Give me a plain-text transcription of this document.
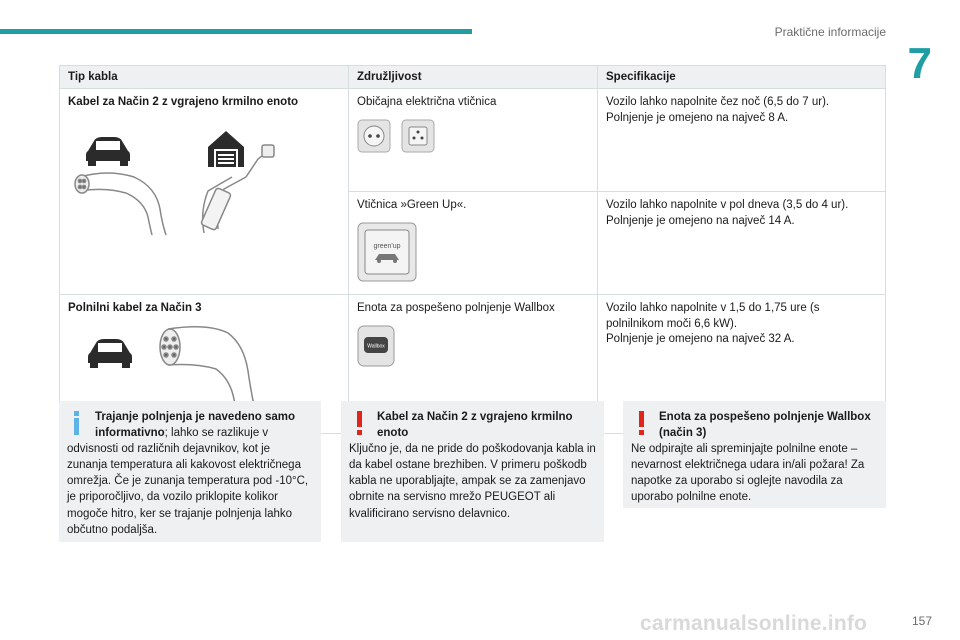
Praktične informacije
7
Tip kabla	Združljivost	Specifikacije
Kabel za Način 2 z vgrajeno krmilno enoto	Običajna električna vtičnica	Vozilo lahko napolnite čez noč (6,5 do 7 ur).
Polnjenje je omejeno na največ 8 A.

	Vtičnica »Green Up«.
green'up	Vozilo lahko napolnite v pol dneva (3,5 do 4 ur).
Polnjenje je omejeno na največ 14 A.

Polnilni kabel za Način 3	Enota za pospešeno polnjenje Wallbox
Wallbox	Vozilo lahko napolnite v 1,5 do 1,75 ure (s
polnilnikom moči 6,6 kW).
Polnjenje je omejeno na največ 32 A.
Trajanje polnjenja je navedeno samo informativno; lahko se razlikuje v
odvisnosti od različnih dejavnikov, kot je zunanja temperatura ali kakovost električnega omrežja. Če je zunanja temperatura pod -10°C, je priporočljivo, da vozilo priklopite kolikor mogoče hitro, ker se trajanje polnjenja lahko občutno podaljša.
Kabel za Način 2 z vgrajeno krmilno enoto
Ključno je, da ne pride do poškodovanja kabla in da kabel ostane brezhiben. V primeru poškodb kabla ne uporabljajte, ampak se za zamenjavo obrnite na servisno mrežo PEUGEOT ali kvalificirano servisno delavnico.
Enota za pospešeno polnjenje Wallbox (način 3)
Ne odpirajte ali spreminjajte polnilne enote – nevarnost električnega udara in/ali požara! Za napotke za uporabo si oglejte navodila za uporabo polnilne enote.
157
carmanualsonline.info
